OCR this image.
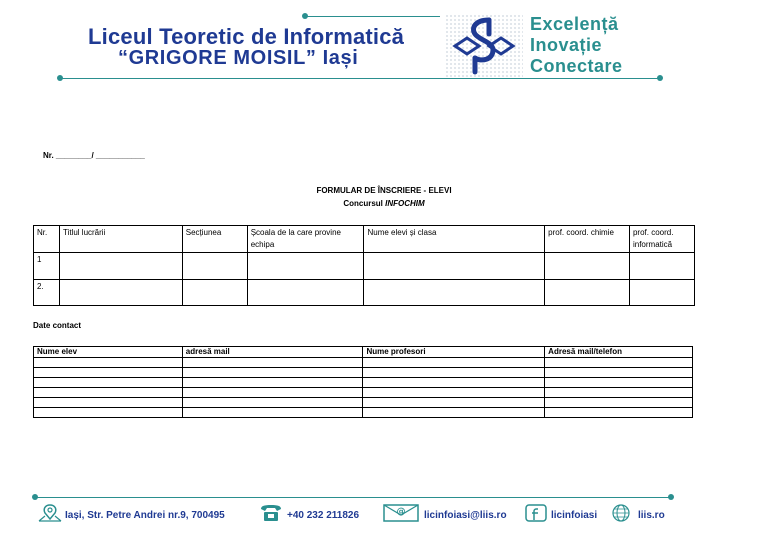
Liceul Teoretic de Informatică
“GRIGORE MOISIL” Iași
Excelență
Inovație
Conectare
Nr. ________/ ___________
FORMULAR DE ÎNSCRIERE - ELEVI
Concursul INFOCHIM
Nr.	Titlul lucrării	Secțiunea	Școala de la care provine echipa	Nume elevi și clasa	prof. coord. chimie	prof. coord. informatică
1						
2.						
Date contact
Nume elev	adresă mail	Nume profesori	Adresă mail/telefon

Iași, Str. Petre Andrei nr.9, 700495	+40 232 211826	@ licinfoiasi@liis.ro	licinfoiasi	liis.ro
